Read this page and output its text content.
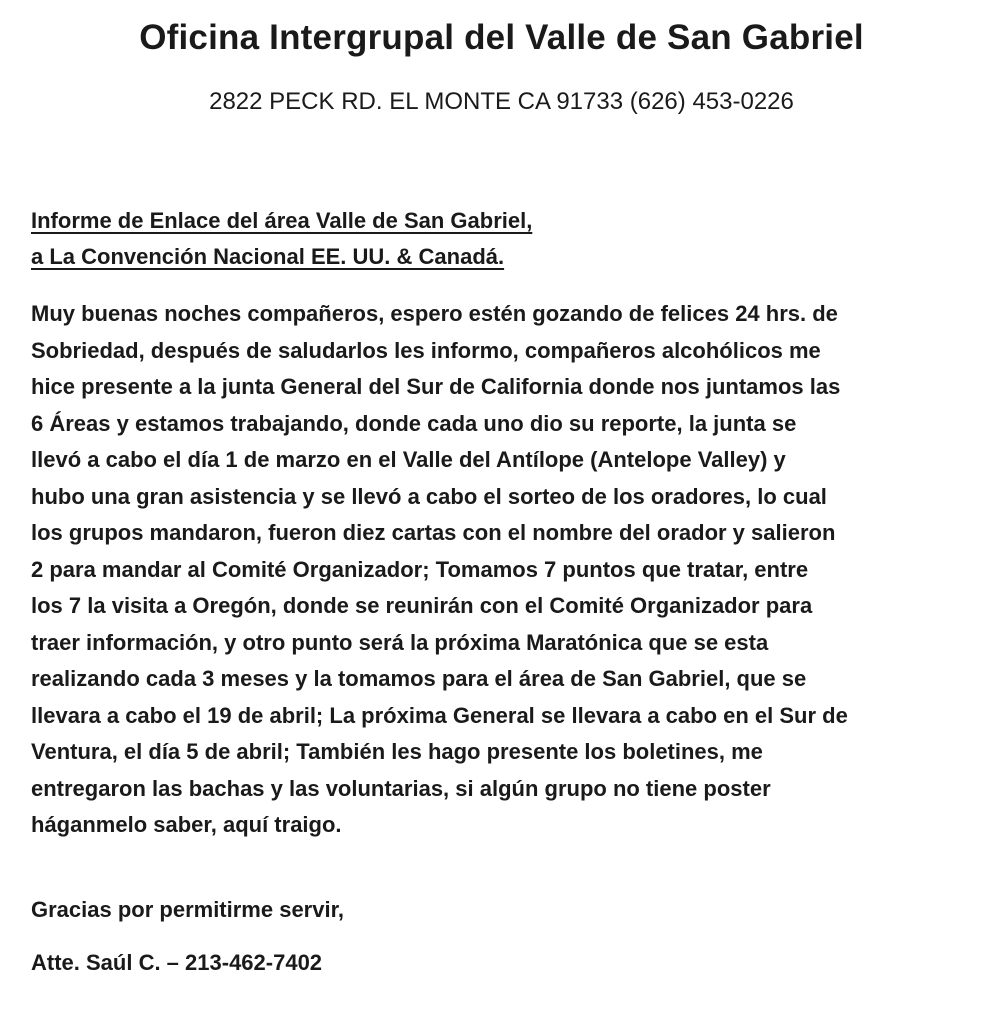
Oficina Intergrupal del Valle de San Gabriel

2822 PECK RD. EL MONTE CA 91733 (626) 453-0226

Informe de Enlace del área Valle de San Gabriel,
a La Convención Nacional EE. UU. & Canadá.
Muy buenas noches compañeros, espero estén gozando de felices 24 hrs. de
Sobriedad, después de saludarlos les informo, compañeros alcohólicos me
hice presente a la junta General del Sur de California donde nos juntamos las
6 Áreas y estamos trabajando, donde cada uno dio su reporte, la junta se
llevó a cabo el día 1 de marzo en el Valle del Antílope (Antelope Valley) y
hubo una gran asistencia y se llevó a cabo el sorteo de los oradores, lo cual
los grupos mandaron, fueron diez cartas con el nombre del orador y salieron
2 para mandar al Comité Organizador; Tomamos 7 puntos que tratar, entre
los 7 la visita a Oregón, donde se reunirán con el Comité Organizador para
traer información, y otro punto será la próxima Maratónica que se esta
realizando cada 3 meses y la tomamos para el área de San Gabriel, que se
llevara a cabo el 19 de abril; La próxima General se llevara a cabo en el Sur de
Ventura, el día 5 de abril; También les hago presente los boletines, me
entregaron las bachas y las voluntarias, si algún grupo no tiene poster
háganmelo saber, aquí traigo.

Gracias por permitirme servir,

Atte. Saúl C. – 213-462-7402
